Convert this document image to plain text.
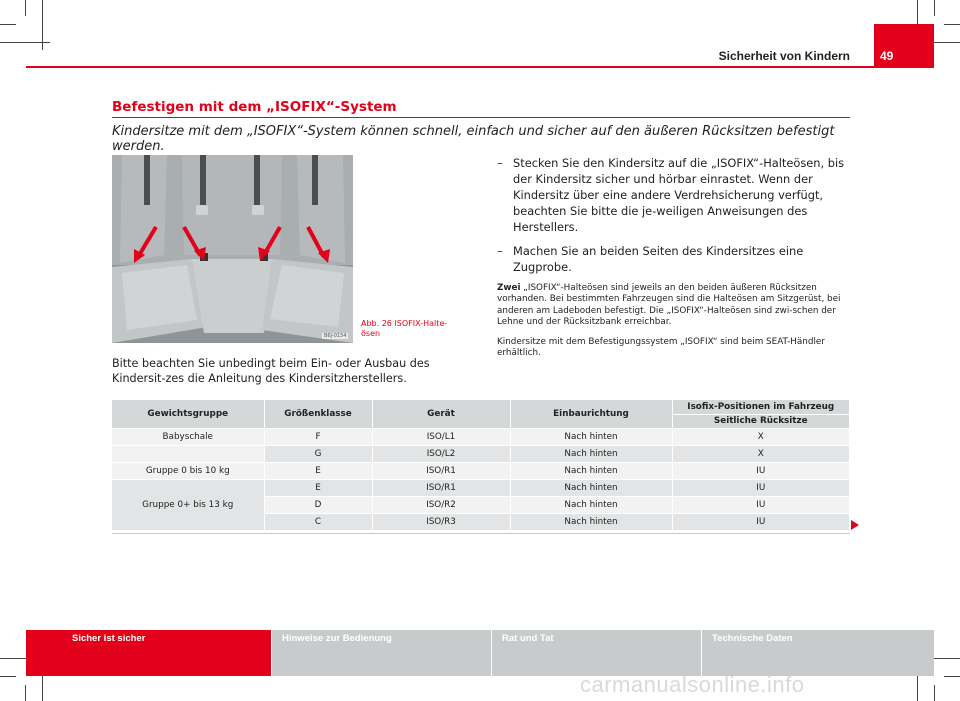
Sicherheit von Kindern	49
Befestigen mit dem „ISOFIX“-System
Kindersitze mit dem „ISOFIX“-System können schnell, einfach und sicher auf den äußeren Rücksitzen befestigt werden.
B6J-0154
Abb. 26 ISOFIX-Halte-
ösen
Bitte beachten Sie unbedingt beim Ein- oder Ausbau des Kindersit-zes die Anleitung des Kindersitzherstellers.
– Stecken Sie den Kindersitz auf die „ISOFIX“-Halteösen, bis der Kindersitz sicher und hörbar einrastet. Wenn der Kindersitz über eine andere Verdrehsicherung verfügt, beachten Sie bitte die je-weiligen Anweisungen des Herstellers.
– Machen Sie an beiden Seiten des Kindersitzes eine Zugprobe.
Zwei „ISOFIX“-Halteösen sind jeweils an den beiden äußeren Rücksitzen vorhanden. Bei bestimmten Fahrzeugen sind die Halteösen am Sitzgerüst, bei anderen am Ladeboden befestigt. Die „ISOFIX“-Halteösen sind zwi-schen der Lehne und der Rücksitzbank erreichbar.
Kindersitze mit dem Befestigungssystem „ISOFIX“ sind beim SEAT-Händler erhältlich.
Gewichtsgruppe	Größenklasse	Gerät	Einbaurichtung	Isofix-Positionen im Fahrzeug
				Seitliche Rücksitze
Babyschale	F	ISO/L1	Nach hinten	X
	G	ISO/L2	Nach hinten	X
Gruppe 0 bis 10 kg	E	ISO/R1	Nach hinten	IU
Gruppe 0+ bis 13 kg	E	ISO/R1	Nach hinten	IU
	D	ISO/R2	Nach hinten	IU
	C	ISO/R3	Nach hinten	IU
Sicher ist sicher	Hinweise zur Bedienung	Rat und Tat	Technische Daten
carmanualsonline.info
